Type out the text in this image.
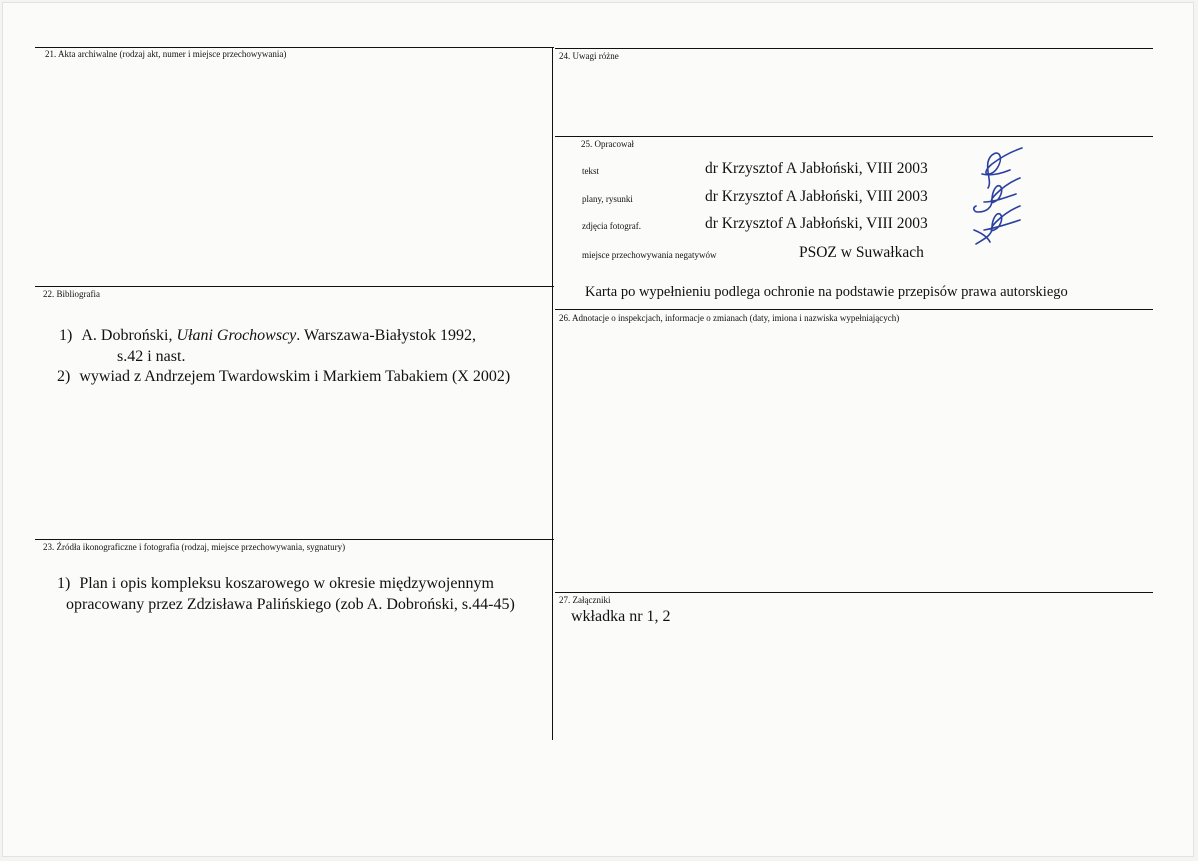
21. Akta archiwalne (rodzaj akt, numer i miejsce przechowywania)
22. Bibliografia
1) A. Dobroński, Ułani Grochowscy. Warszawa-Białystok 1992,
s.42 i nast.
2) wywiad z Andrzejem Twardowskim i Markiem Tabakiem (X 2002)
23. Źródła ikonograficzne i fotografia (rodzaj, miejsce przechowywania, sygnatury)
1) Plan i opis kompleksu koszarowego w okresie międzywojennym
opracowany przez Zdzisława Palińskiego (zob A. Dobroński, s.44-45)
24. Uwagi różne
25. Opracował
tekst	dr Krzysztof A Jabłoński, VIII 2003
plany, rysunki	dr Krzysztof A Jabłoński, VIII 2003
zdjęcia fotograf.	dr Krzysztof A Jabłoński, VIII 2003
miejsce przechowywania negatywów	PSOZ w Suwałkach
Karta po wypełnieniu podlega ochronie na podstawie przepisów prawa autorskiego
26. Adnotacje o inspekcjach, informacje o zmianach (daty, imiona i nazwiska wypełniających)
27. Załączniki
wkładka nr 1, 2
